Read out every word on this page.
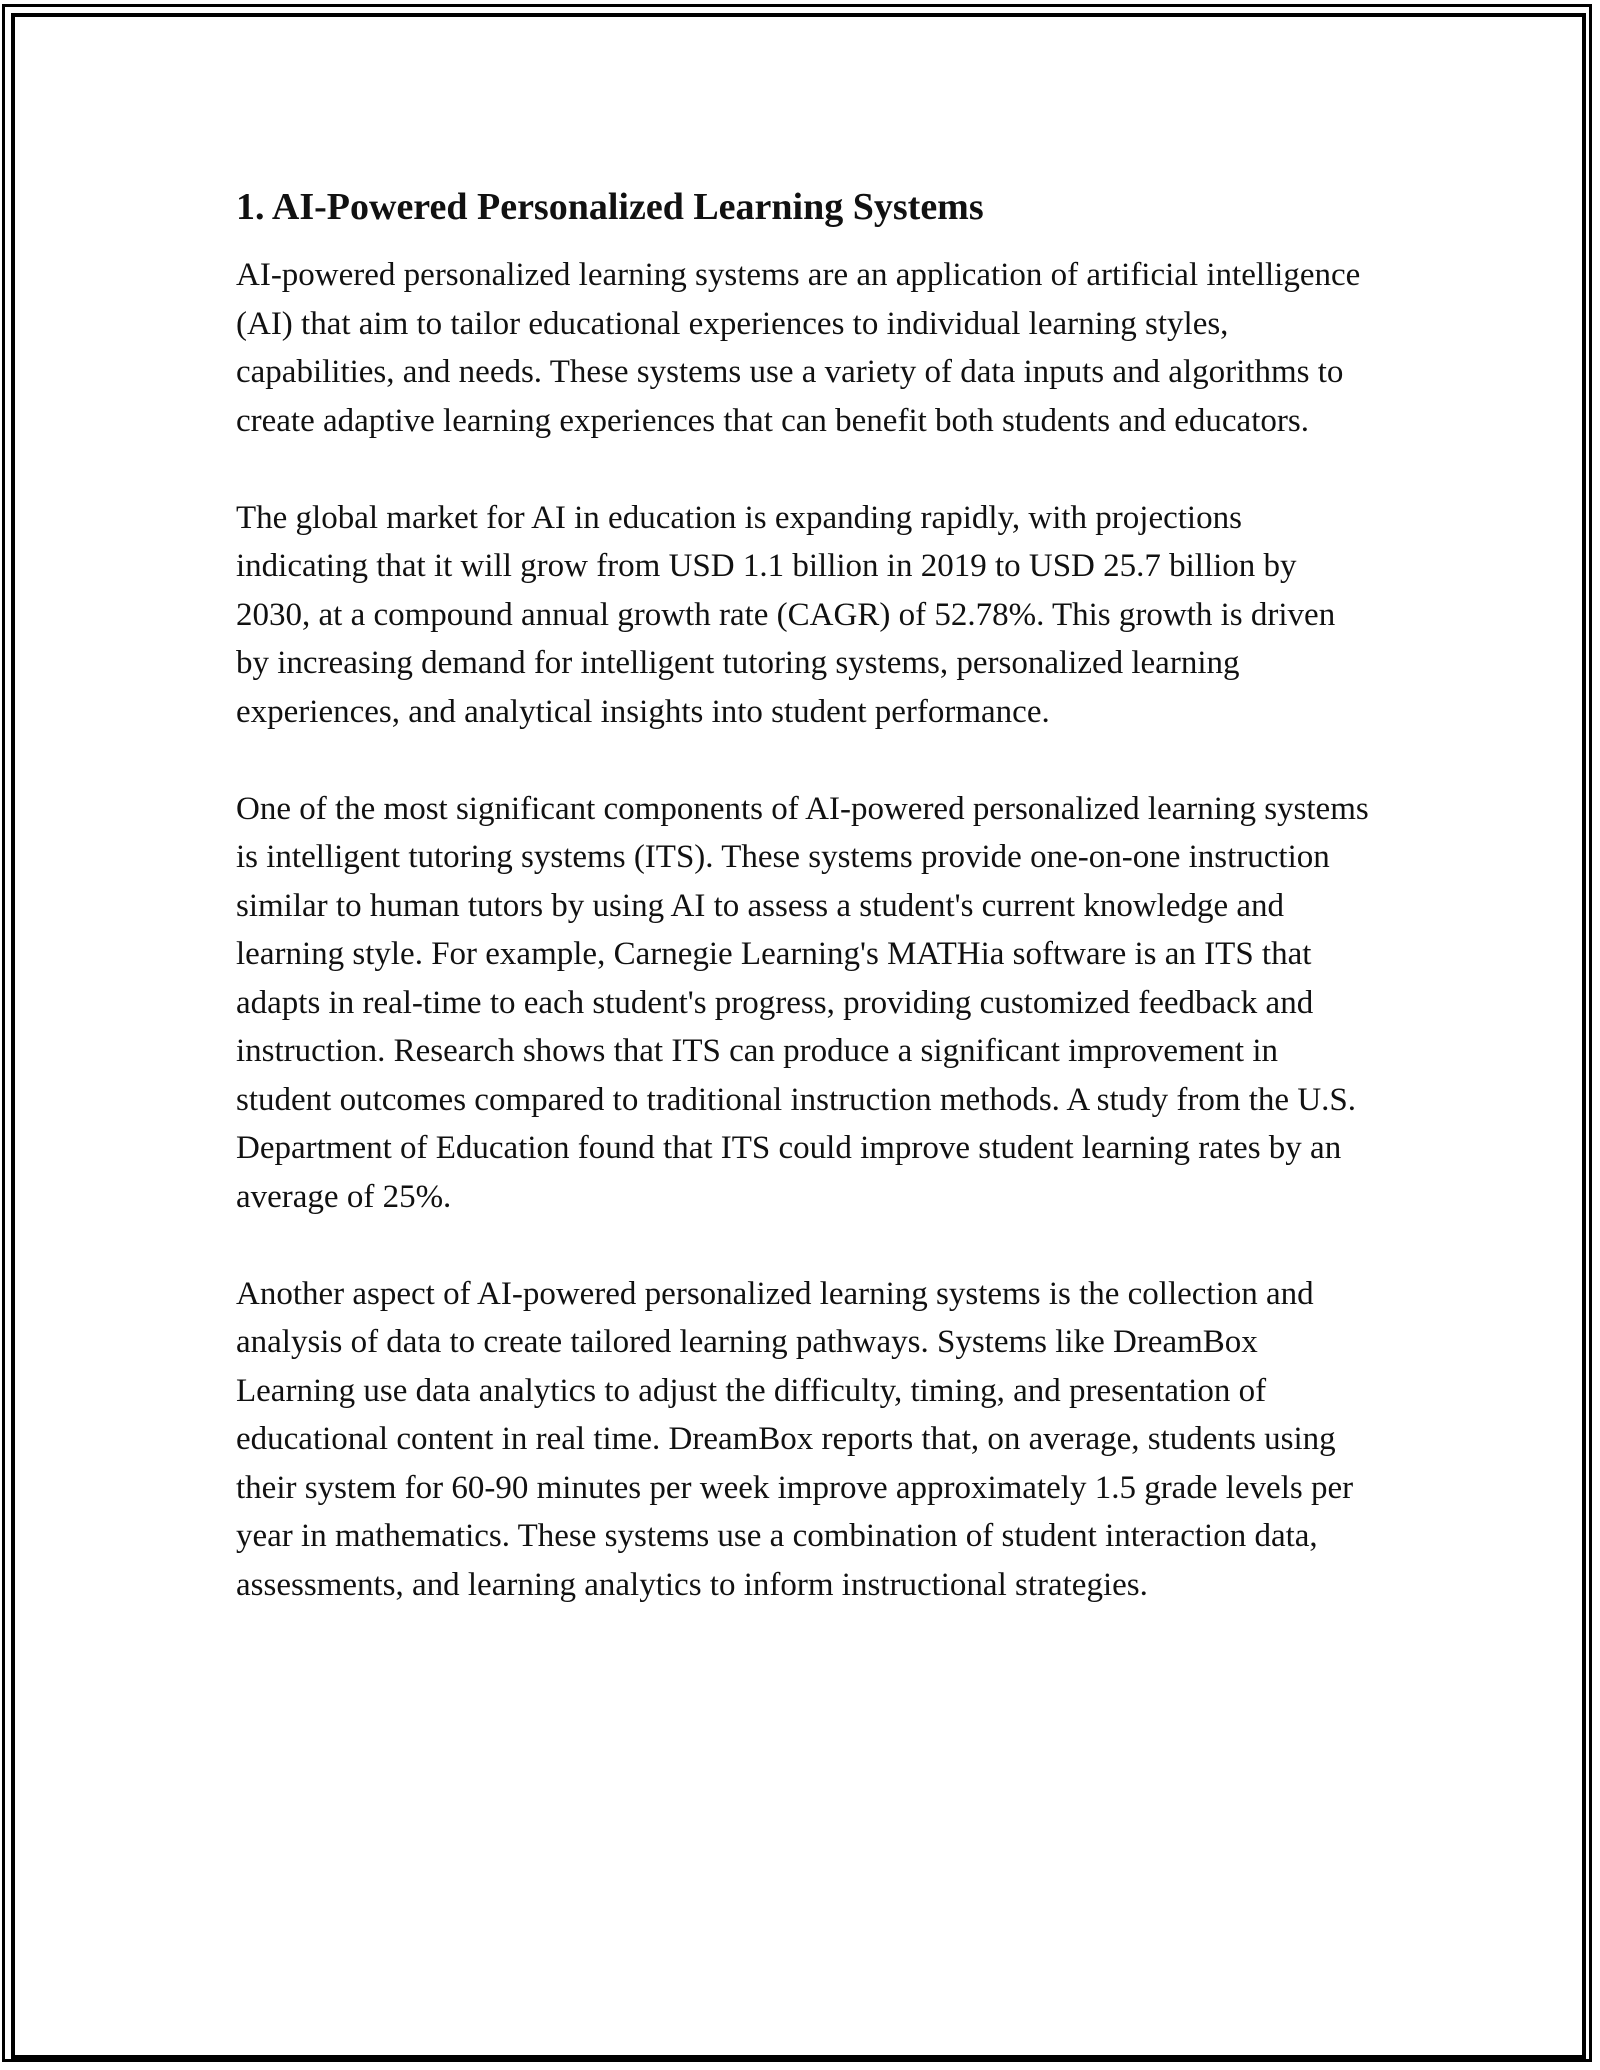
1. AI-Powered Personalized Learning Systems

AI-powered personalized learning systems are an application of artificial intelligence (AI) that aim to tailor educational experiences to individual learning styles, capabilities, and needs. These systems use a variety of data inputs and algorithms to create adaptive learning experiences that can benefit both students and educators.

The global market for AI in education is expanding rapidly, with projections indicating that it will grow from USD 1.1 billion in 2019 to USD 25.7 billion by 2030, at a compound annual growth rate (CAGR) of 52.78%. This growth is driven by increasing demand for intelligent tutoring systems, personalized learning experiences, and analytical insights into student performance.

One of the most significant components of AI-powered personalized learning systems is intelligent tutoring systems (ITS). These systems provide one-on-one instruction similar to human tutors by using AI to assess a student's current knowledge and learning style. For example, Carnegie Learning's MATHia software is an ITS that adapts in real-time to each student's progress, providing customized feedback and instruction. Research shows that ITS can produce a significant improvement in student outcomes compared to traditional instruction methods. A study from the U.S. Department of Education found that ITS could improve student learning rates by an average of 25%.

Another aspect of AI-powered personalized learning systems is the collection and analysis of data to create tailored learning pathways. Systems like DreamBox Learning use data analytics to adjust the difficulty, timing, and presentation of educational content in real time. DreamBox reports that, on average, students using their system for 60-90 minutes per week improve approximately 1.5 grade levels per year in mathematics. These systems use a combination of student interaction data, assessments, and learning analytics to inform instructional strategies.
